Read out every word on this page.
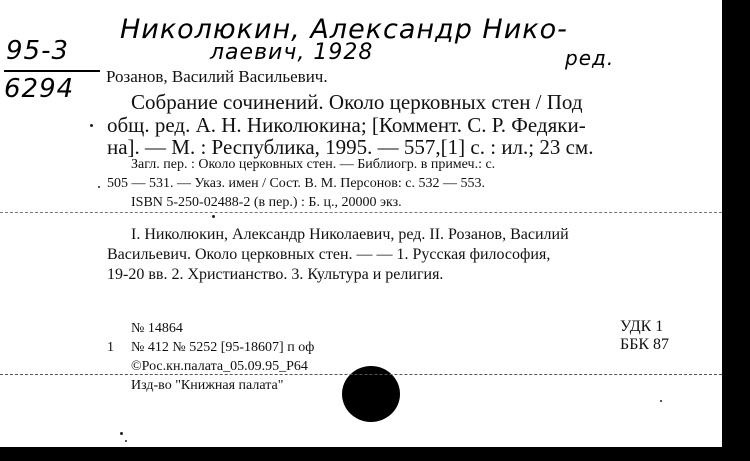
95-3
6294
Николюкин, Александр Нико-
лаевич, 1928	ред.
Розанов, Василий Васильевич.
Собрание сочинений. Около церковных стен / Под
общ. ред. А. Н. Николюкина; [Коммент. С. Р. Федяки-
на]. — М. : Республика, 1995. — 557,[1] с. : ил.; 23 см.
Загл. пер. : Около церковных стен. — Библиогр. в примеч.: с.
505 — 531. — Указ. имен / Сост. В. М. Персонов: с. 532 — 553.
ISBN 5-250-02488-2 (в пер.) : Б. ц., 20000 экз.
I. Николюкин, Александр Николаевич, ред. II. Розанов, Василий
Васильевич. Около церковных стен. — — 1. Русская философия,
19-20 вв. 2. Христианство. 3. Культура и религия.
№ 14864
1 № 412 № 5252 [95-18607] п оф
©Рос.кн.палата_05.09.95_Р64
Изд-во "Книжная палата"
УДК 1
ББК 87
